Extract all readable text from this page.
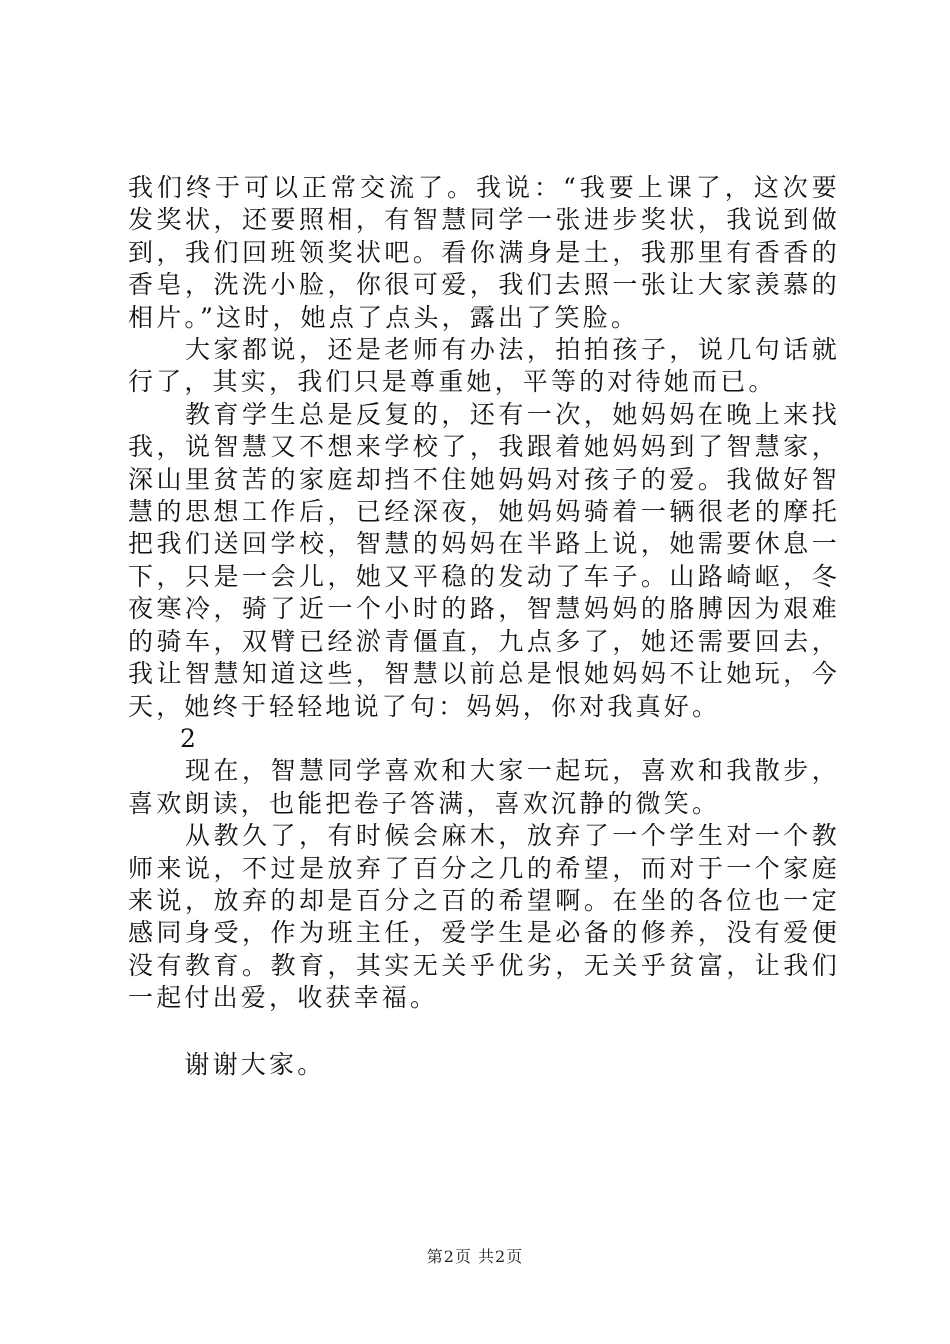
我们终于可以正常交流了。我说：“我要上课了，这次要发奖状，还要照相，有智慧同学一张进步奖状，我说到做到，我们回班领奖状吧。看你满身是土，我那里有香香的香皂，洗洗小脸，你很可爱，我们去照一张让大家羡慕的相片。”这时，她点了点头，露出了笑脸。

　　大家都说，还是老师有办法，拍拍孩子，说几句话就行了，其实，我们只是尊重她，平等的对待她而已。

　　教育学生总是反复的，还有一次，她妈妈在晚上来找我，说智慧又不想来学校了，我跟着她妈妈到了智慧家，深山里贫苦的家庭却挡不住她妈妈对孩子的爱。我做好智慧的思想工作后，已经深夜，她妈妈骑着一辆很老的摩托把我们送回学校，智慧的妈妈在半路上说，她需要休息一下，只是一会儿，她又平稳的发动了车子。山路崎岖，冬夜寒冷，骑了近一个小时的路，智慧妈妈的胳膊因为艰难的骑车，双臂已经淤青僵直，九点多了，她还需要回去，我让智慧知道这些，智慧以前总是恨她妈妈不让她玩，今天，她终于轻轻地说了句：妈妈，你对我真好。

2

　　现在，智慧同学喜欢和大家一起玩，喜欢和我散步，喜欢朗读，也能把卷子答满，喜欢沉静的微笑。

　　从教久了，有时候会麻木，放弃了一个学生对一个教师来说，不过是放弃了百分之几的希望，而对于一个家庭来说，放弃的却是百分之百的希望啊。在坐的各位也一定感同身受，作为班主任，爱学生是必备的修养，没有爱便没有教育。教育，其实无关乎优劣，无关乎贫富，让我们一起付出爱，收获幸福。

　　谢谢大家。

第2页 共2页
